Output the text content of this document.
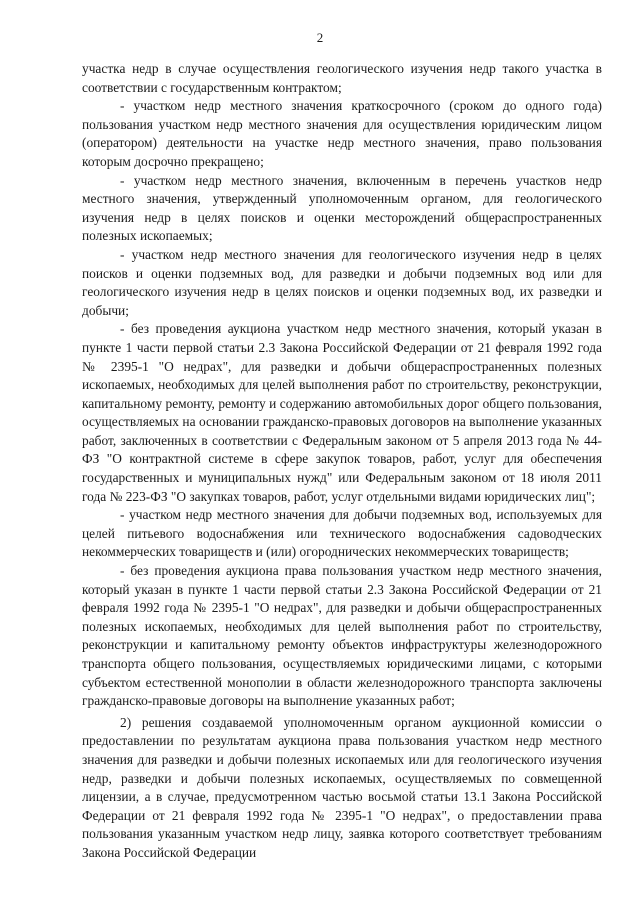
2

участка недр в случае осуществления геологического изучения недр такого участка в соответствии с государственным контрактом;

- участком недр местного значения краткосрочного (сроком до одного года) пользования участком недр местного значения для осуществления юридическим лицом (оператором) деятельности на участке недр местного значения, право пользования которым досрочно прекращено;

- участком недр местного значения, включенным в перечень участков недр местного значения, утвержденный уполномоченным органом, для геологического изучения недр в целях поисков и оценки месторождений общераспространенных полезных ископаемых;

- участком недр местного значения для геологического изучения недр в целях поисков и оценки подземных вод, для разведки и добычи подземных вод или для геологического изучения недр в целях поисков и оценки подземных вод, их разведки и добычи;

- без проведения аукциона участком недр местного значения, который указан в пункте 1 части первой статьи 2.3 Закона Российской Федерации от 21 февраля 1992 года № 2395-1 "О недрах", для разведки и добычи общераспространенных полезных ископаемых, необходимых для целей выполнения работ по строительству, реконструкции, капитальному ремонту, ремонту и содержанию автомобильных дорог общего пользования, осуществляемых на основании гражданско-правовых договоров на выполнение указанных работ, заключенных в соответствии с Федеральным законом от 5 апреля 2013 года № 44-ФЗ "О контрактной системе в сфере закупок товаров, работ, услуг для обеспечения государственных и муниципальных нужд" или Федеральным законом от 18 июля 2011 года № 223-ФЗ "О закупках товаров, работ, услуг отдельными видами юридических лиц";

- участком недр местного значения для добычи подземных вод, используемых для целей питьевого водоснабжения или технического водоснабжения садоводческих некоммерческих товариществ и (или) огороднических некоммерческих товариществ;

- без проведения аукциона права пользования участком недр местного значения, который указан в пункте 1 части первой статьи 2.3 Закона Российской Федерации от 21 февраля 1992 года № 2395-1 "О недрах", для разведки и добычи общераспространенных полезных ископаемых, необходимых для целей выполнения работ по строительству, реконструкции и капитальному ремонту объектов инфраструктуры железнодорожного транспорта общего пользования, осуществляемых юридическими лицами, с которыми субъектом естественной монополии в области железнодорожного транспорта заключены гражданско-правовые договоры на выполнение указанных работ;

2) решения создаваемой уполномоченным органом аукционной комиссии о предоставлении по результатам аукциона права пользования участком недр местного значения для разведки и добычи полезных ископаемых или для геологического изучения недр, разведки и добычи полезных ископаемых, осуществляемых по совмещенной лицензии, а в случае, предусмотренном частью восьмой статьи 13.1 Закона Российской Федерации от 21 февраля 1992 года № 2395-1 "О недрах", о предоставлении права пользования указанным участком недр лицу, заявка которого соответствует требованиям Закона Российской Федерации
